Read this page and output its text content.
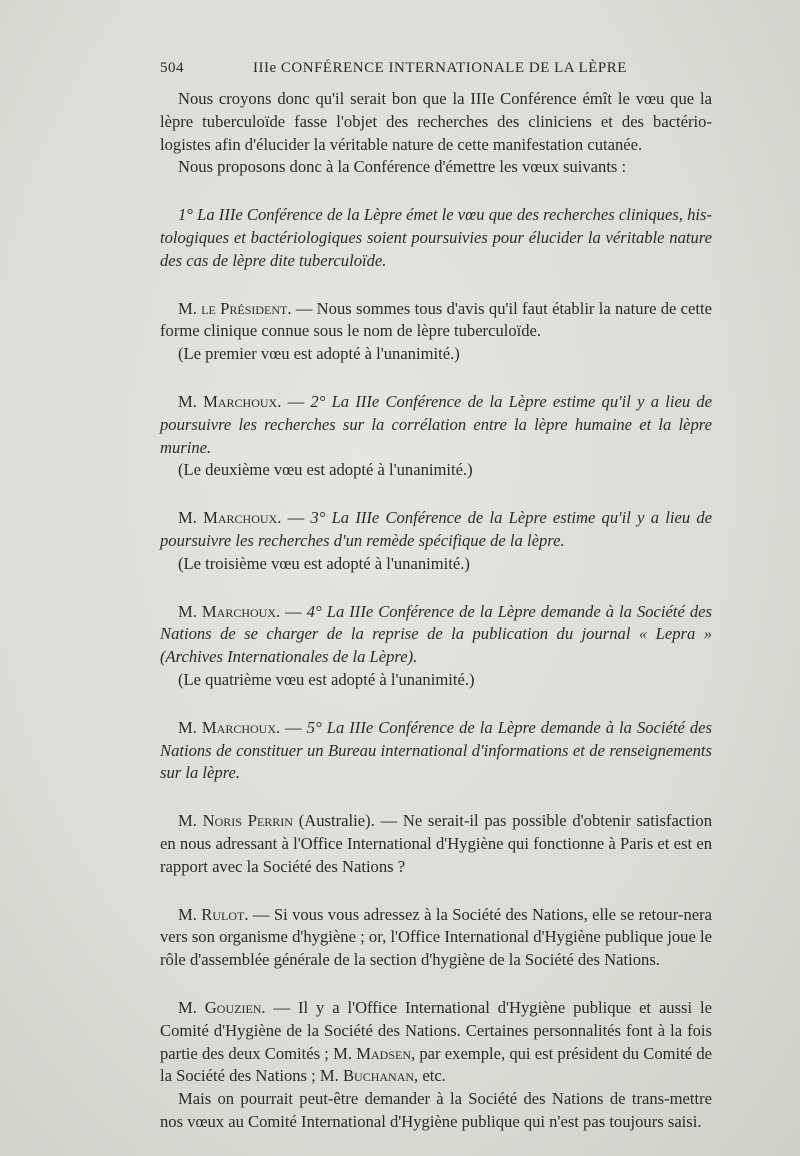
504	IIIe CONFÉRENCE INTERNATIONALE DE LA LÈPRE

Nous croyons donc qu'il serait bon que la IIIe Conférence émît le vœu que la lèpre tuberculoïde fasse l'objet des recherches des cliniciens et des bactério-logistes afin d'élucider la véritable nature de cette manifestation cutanée.

Nous proposons donc à la Conférence d'émettre les vœux suivants :

1° La IIIe Conférence de la Lèpre émet le vœu que des recherches cliniques, his-tologiques et bactériologiques soient poursuivies pour élucider la véritable nature des cas de lèpre dite tuberculoïde.

M. le Président. — Nous sommes tous d'avis qu'il faut établir la nature de cette forme clinique connue sous le nom de lèpre tuberculoïde.

(Le premier vœu est adopté à l'unanimité.)

M. Marchoux. — 2° La IIIe Conférence de la Lèpre estime qu'il y a lieu de poursuivre les recherches sur la corrélation entre la lèpre humaine et la lèpre murine.

(Le deuxième vœu est adopté à l'unanimité.)

M. Marchoux. — 3° La IIIe Conférence de la Lèpre estime qu'il y a lieu de poursuivre les recherches d'un remède spécifique de la lèpre.

(Le troisième vœu est adopté à l'unanimité.)

M. Marchoux. — 4° La IIIe Conférence de la Lèpre demande à la Société des Nations de se charger de la reprise de la publication du journal « Lepra » (Archives Internationales de la Lèpre).

(Le quatrième vœu est adopté à l'unanimité.)

M. Marchoux. — 5° La IIIe Conférence de la Lèpre demande à la Société des Nations de constituer un Bureau international d'informations et de renseignements sur la lèpre.

M. Noris Perrin (Australie). — Ne serait-il pas possible d'obtenir satisfaction en nous adressant à l'Office International d'Hygiène qui fonctionne à Paris et est en rapport avec la Société des Nations ?

M. Rulot. — Si vous vous adressez à la Société des Nations, elle se retour-nera vers son organisme d'hygiène ; or, l'Office International d'Hygiène publique joue le rôle d'assemblée générale de la section d'hygiène de la Société des Nations.

M. Gouzien. — Il y a l'Office International d'Hygiène publique et aussi le Comité d'Hygiène de la Société des Nations. Certaines personnalités font à la fois partie des deux Comités ; M. Madsen, par exemple, qui est président du Comité de la Société des Nations ; M. Buchanan, etc.

Mais on pourrait peut-être demander à la Société des Nations de trans-mettre nos vœux au Comité International d'Hygiène publique qui n'est pas toujours saisi.
